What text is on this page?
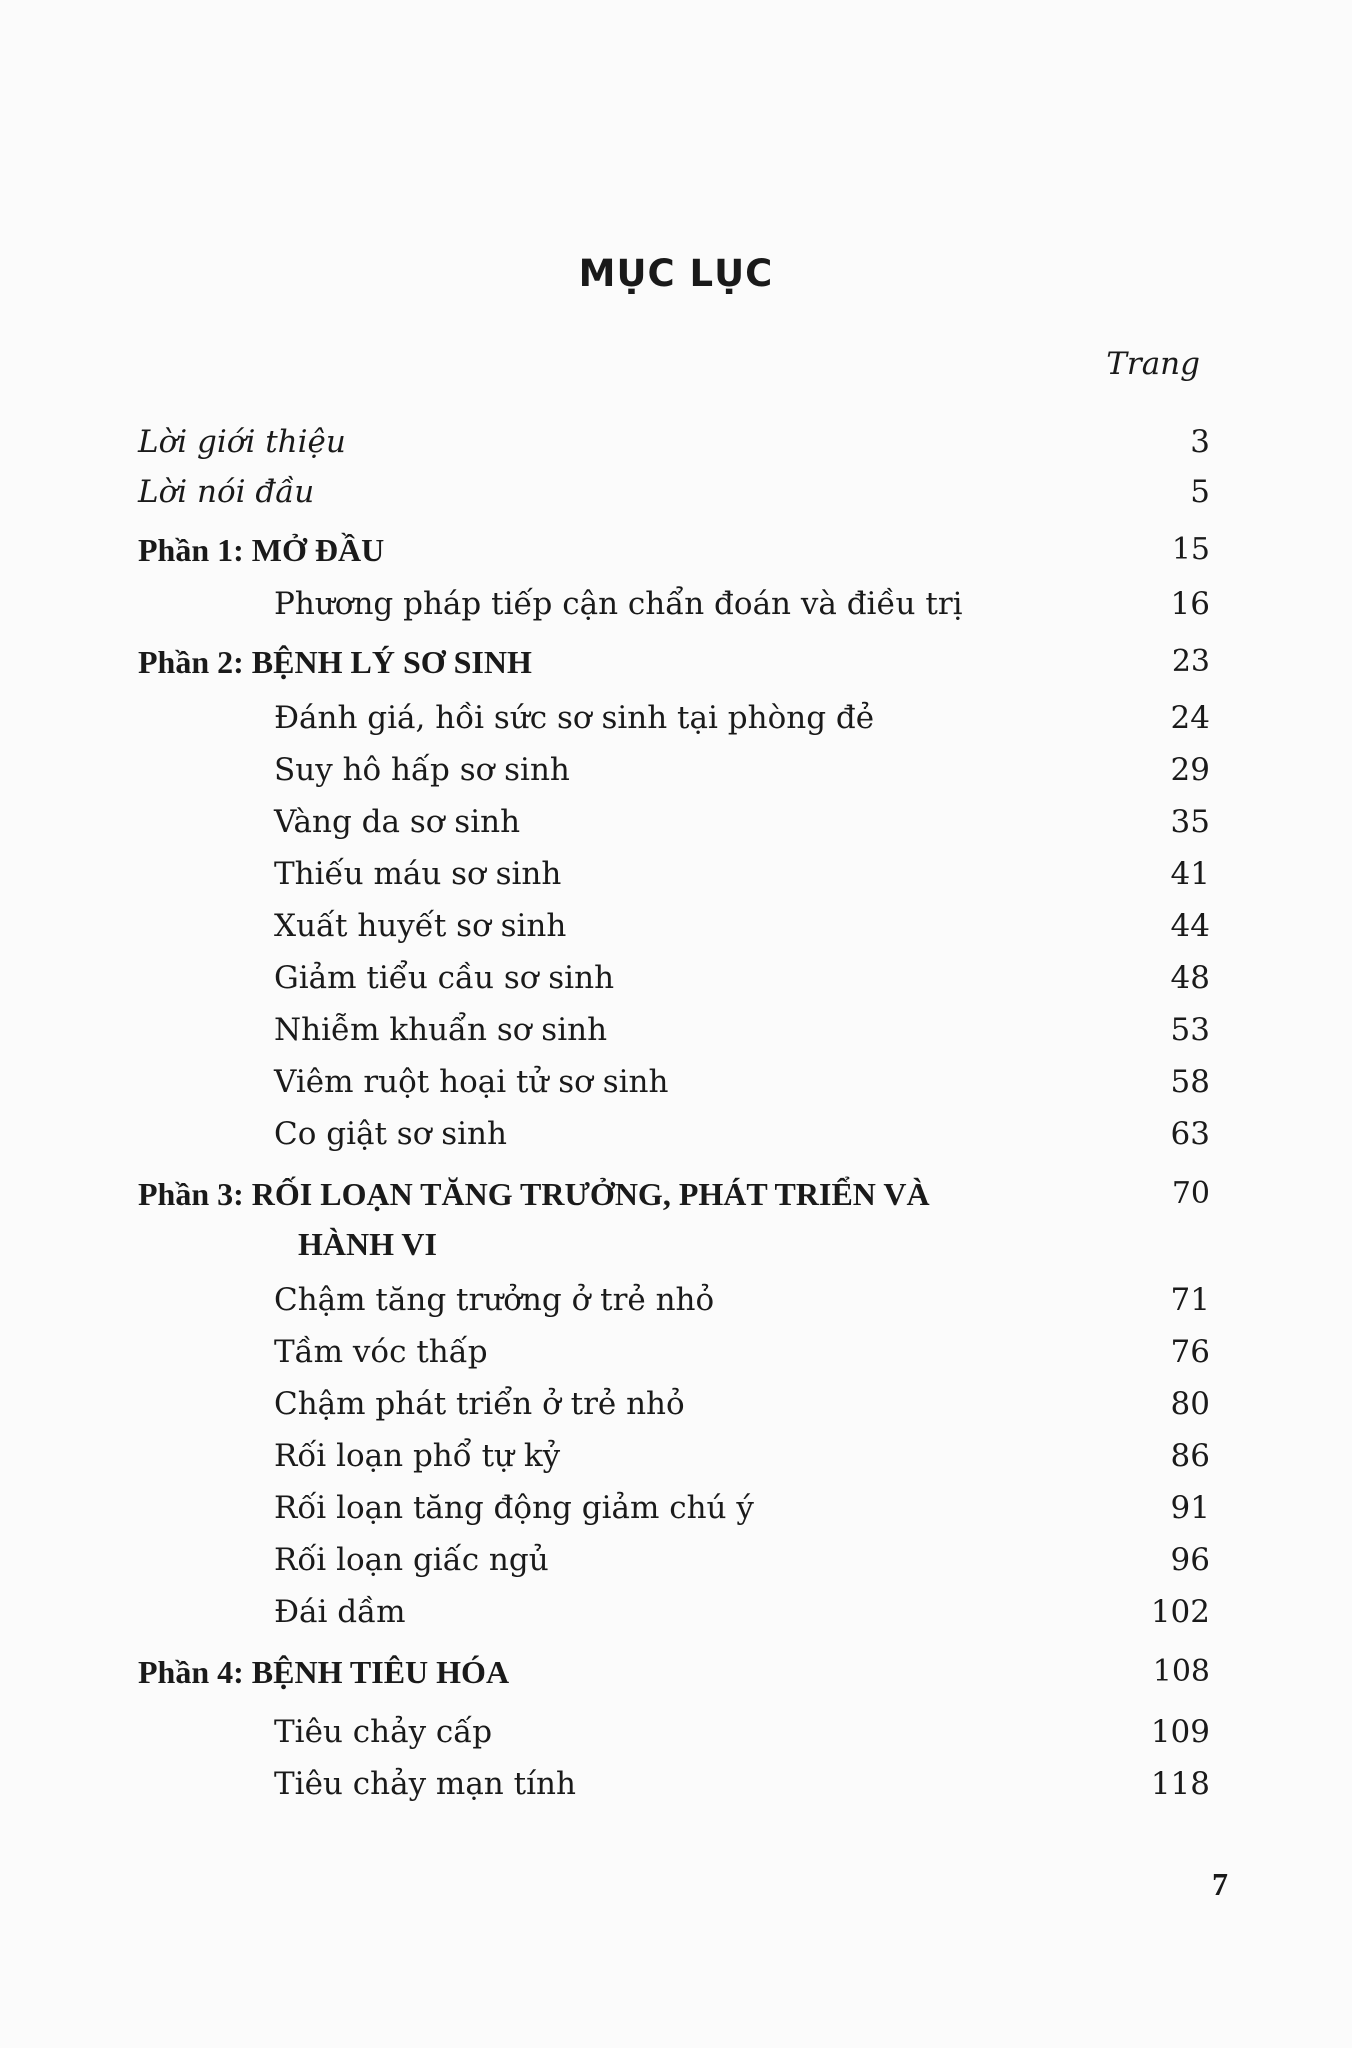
MỤC LỤC
Trang
Lời giới thiệu	3
Lời nói đầu	5
Phần 1: MỞ ĐẦU	15
Phương pháp tiếp cận chẩn đoán và điều trị	16
Phần 2: BỆNH LÝ SƠ SINH	23
Đánh giá, hồi sức sơ sinh tại phòng đẻ	24
Suy hô hấp sơ sinh	29
Vàng da sơ sinh	35
Thiếu máu sơ sinh	41
Xuất huyết sơ sinh	44
Giảm tiểu cầu sơ sinh	48
Nhiễm khuẩn sơ sinh	53
Viêm ruột hoại tử sơ sinh	58
Co giật sơ sinh	63
Phần 3: RỐI LOẠN TĂNG TRƯỞNG, PHÁT TRIỂN VÀ	70
HÀNH VI
Chậm tăng trưởng ở trẻ nhỏ	71
Tầm vóc thấp	76
Chậm phát triển ở trẻ nhỏ	80
Rối loạn phổ tự kỷ	86
Rối loạn tăng động giảm chú ý	91
Rối loạn giấc ngủ	96
Đái dầm	102
Phần 4: BỆNH TIÊU HÓA	108
Tiêu chảy cấp	109
Tiêu chảy mạn tính	118
7
